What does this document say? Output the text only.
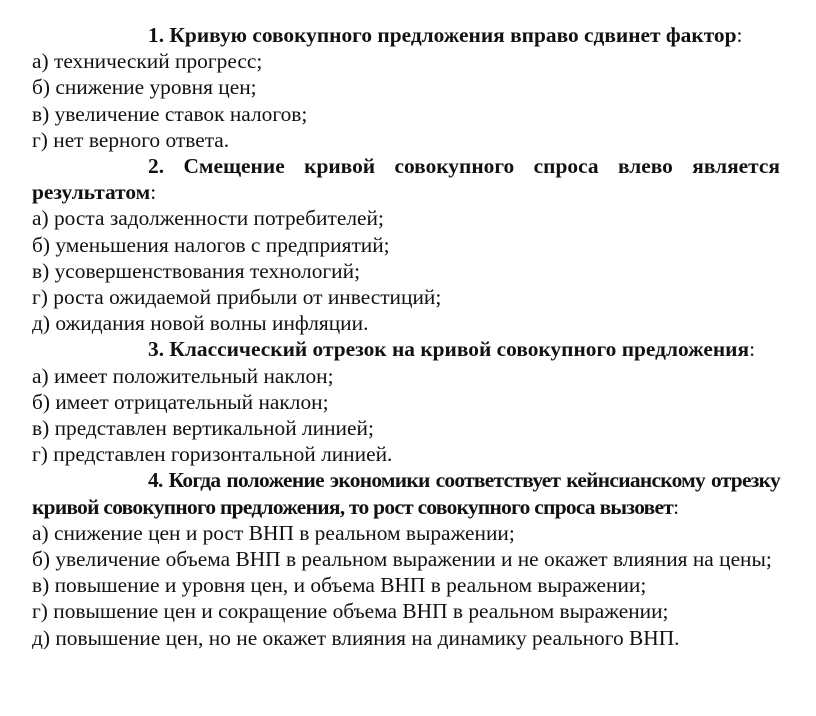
1. Кривую совокупного предложения вправо сдвинет фактор:
а) технический прогресс;
б) снижение уровня цен;
в) увеличение ставок налогов;
г) нет верного ответа.
2. Смещение кривой совокупного спроса влево является результатом:
а) роста задолженности потребителей;
б) уменьшения налогов с предприятий;
в) усовершенствования технологий;
г) роста ожидаемой прибыли от инвестиций;
д) ожидания новой волны инфляции.
3. Классический отрезок на кривой совокупного предложения:
а) имеет положительный наклон;
б) имеет отрицательный наклон;
в) представлен вертикальной линией;
г) представлен горизонтальной линией.
4. Когда положение экономики соответствует кейнсианскому отрезку кривой совокупного предложения, то рост совокупного спроса вызовет:
а) снижение цен и рост ВНП в реальном выражении;
б) увеличение объема ВНП в реальном выражении и не окажет влияния на цены;
в) повышение и уровня цен, и объема ВНП в реальном выражении;
г) повышение цен и сокращение объема ВНП в реальном выражении;
д) повышение цен, но не окажет влияния на динамику реального ВНП.
